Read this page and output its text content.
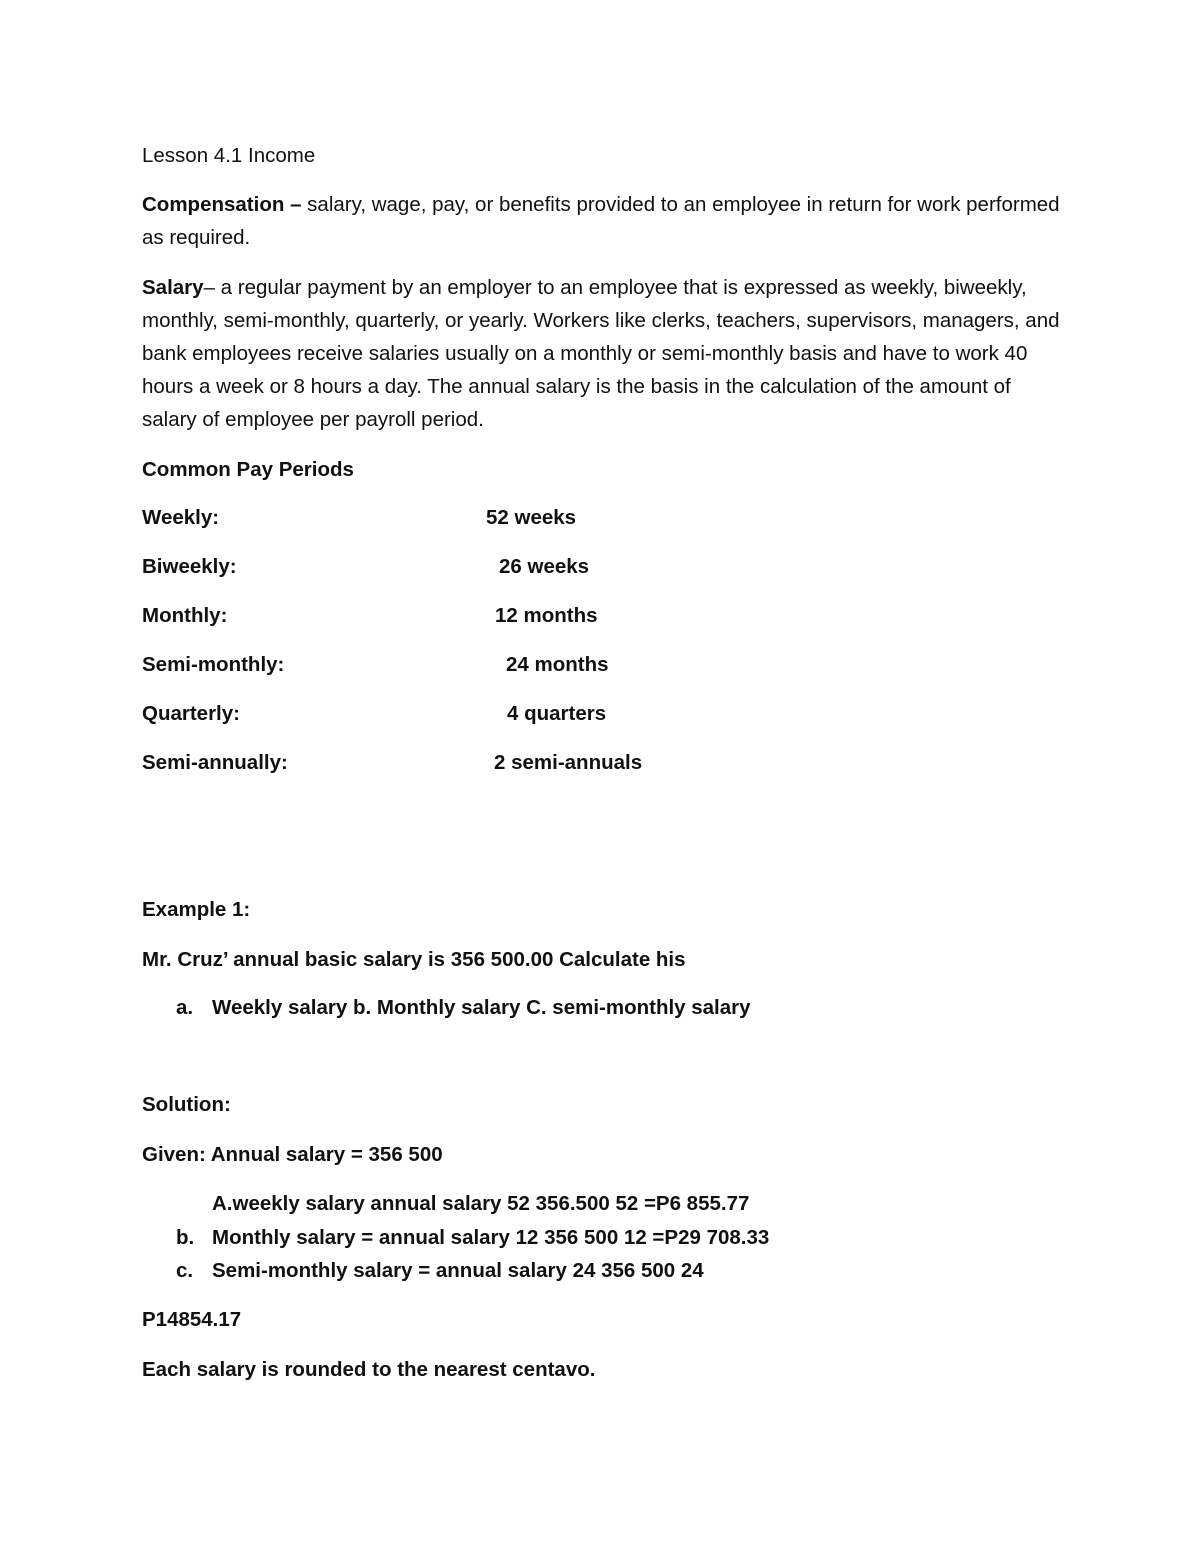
Lesson 4.1 Income
Compensation – salary, wage, pay, or benefits provided to an employee in return for work performed as required.
Salary– a regular payment by an employer to an employee that is expressed as weekly, biweekly, monthly, semi-monthly, quarterly, or yearly. Workers like clerks, teachers, supervisors, managers, and bank employees receive salaries usually on a monthly or semi-monthly basis and have to work 40 hours a week or 8 hours a day. The annual salary is the basis in the calculation of the amount of salary of employee per payroll period.
Common Pay Periods
Weekly:	52 weeks
Biweekly:	26 weeks
Monthly:	12 months
Semi-monthly:	24 months
Quarterly:	4 quarters
Semi-annually:	2 semi-annuals
Example 1:
Mr. Cruz’ annual basic salary is 356 500.00 Calculate his
a. Weekly salary b. Monthly salary C. semi-monthly salary
Solution:
Given: Annual salary = 356 500
A.weekly salary annual salary 52 356.500 52 =P6 855.77
b. Monthly salary = annual salary 12 356 500 12 =P29 708.33
c. Semi-monthly salary = annual salary 24 356 500 24
P14854.17
Each salary is rounded to the nearest centavo.
